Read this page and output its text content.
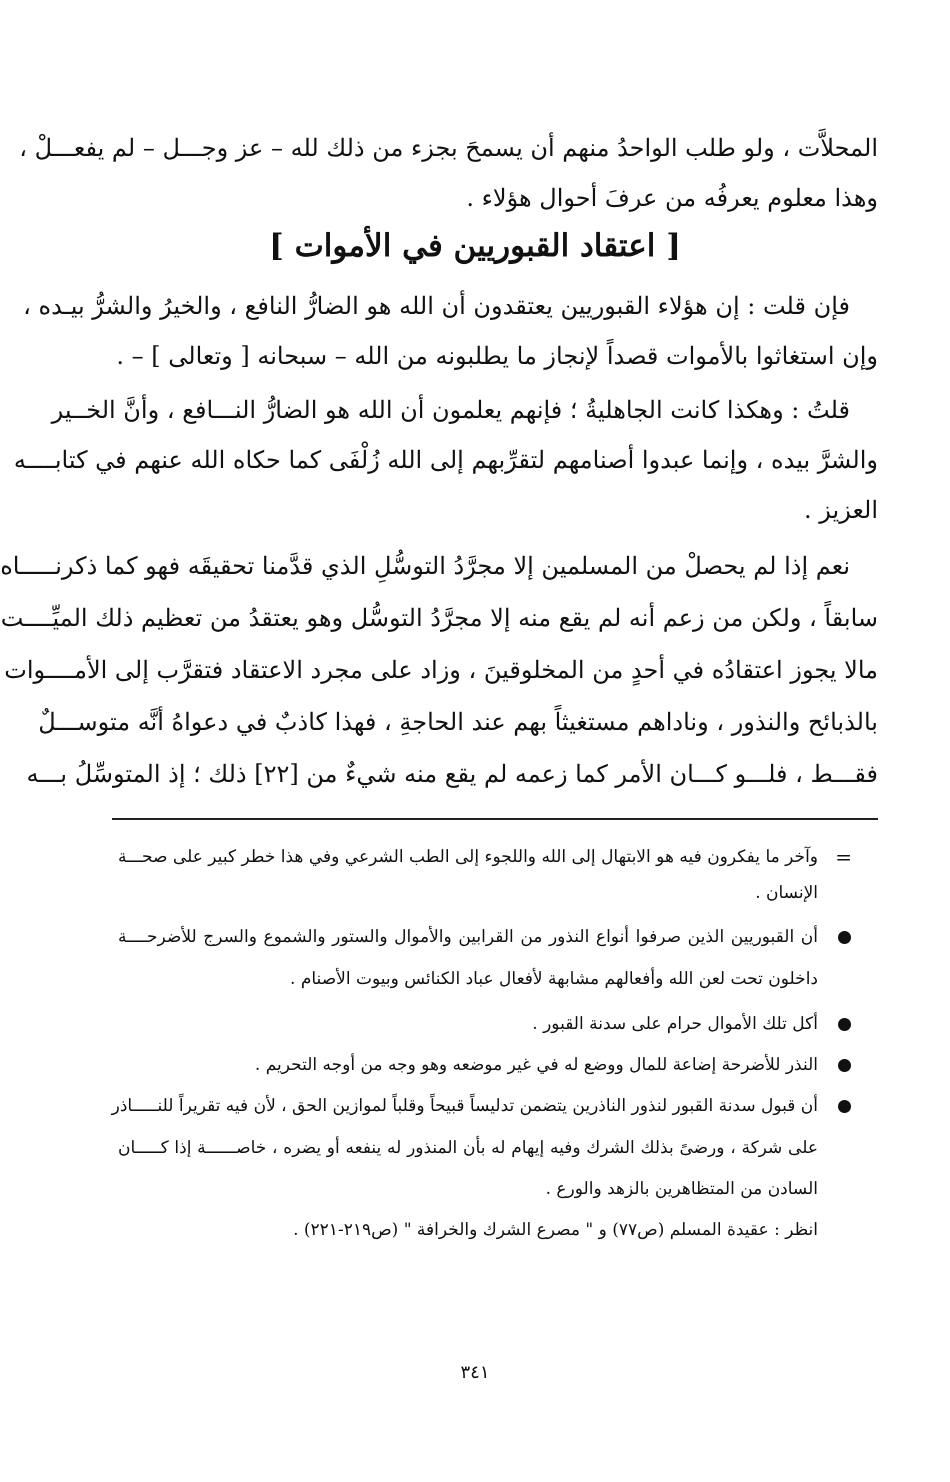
المحلاَّت ، ولو طلب الواحدُ منهم أن يسمحَ بجزء من ذلك لله – عز وجـــل – لم يفعـــلْ ،
وهذا معلوم يعرفُه من عرفَ أحوال هؤلاء .
[ اعتقاد القبوريين في الأموات ]
فإن قلت : إن هؤلاء القبوريين يعتقدون أن الله هو الضارُّ النافع ، والخيرُ والشرُّ بيـده ،
وإن استغاثوا بالأموات قصداً لإنجاز ما يطلبونه من الله – سبحانه [ وتعالى ] – .
قلتُ : وهكذا كانت الجاهليةُ ؛ فإنهم يعلمون أن الله هو الضارُّ النـــافع ، وأنَّ الخــير
والشرَّ بيده ، وإنما عبدوا أصنامهم لتقرِّبهم إلى الله زُلْفَى كما حكاه الله عنهم في كتابــــه
العزيز .
نعم إذا لم يحصلْ من المسلمين إلا مجرَّدُ التوسُّلِ الذي قدَّمنا تحقيقَه فهو كما ذكرنـــــاه
سابقاً ، ولكن من زعم أنه لم يقع منه إلا مجرَّدُ التوسُّل وهو يعتقدُ من تعظيم ذلك الميِّــــت
مالا يجوز اعتقادُه في أحدٍ من المخلوقينَ ، وزاد على مجرد الاعتقاد فتقرَّب إلى الأمــــوات
بالذبائح والنذور ، وناداهم مستغيثاً بهم عند الحاجةِ ، فهذا كاذبٌ في دعواهُ أنَّه متوســـلٌ
فقـــط ، فلـــو كـــان الأمر كما زعمه لم يقع منه شيءٌ من [٢٢] ذلك ؛ إذ المتوسِّلُ بـــه
=
وآخر ما يفكرون فيه هو الابتهال إلى الله واللجوء إلى الطب الشرعي وفي هذا خطر كبير على صحـــة
الإنسان .
أن القبوريين الذين صرفوا أنواع النذور من القرابين والأموال والستور والشموع والسرج للأضرحــــة
داخلون تحت لعن الله وأفعالهم مشابهة لأفعال عباد الكنائس وبيوت الأصنام .
أكل تلك الأموال حرام على سدنة القبور .
النذر للأضرحة إضاعة للمال ووضع له في غير موضعه وهو وجه من أوجه التحريم .
أن قبول سدنة القبور لنذور الناذرين يتضمن تدليساً قبيحاً وقلباً لموازين الحق ، لأن فيه تقريراً للنـــــاذر
على شركة ، ورضىً بذلك الشرك وفيه إيهام له بأن المنذور له ينفعه أو يضره ، خاصــــــة إذا كـــــان
السادن من المتظاهرين بالزهد والورع .
انظر : عقيدة المسلم (ص٧٧) و " مصرع الشرك والخرافة " (ص٢١٩-٢٢١) .
٣٤١
